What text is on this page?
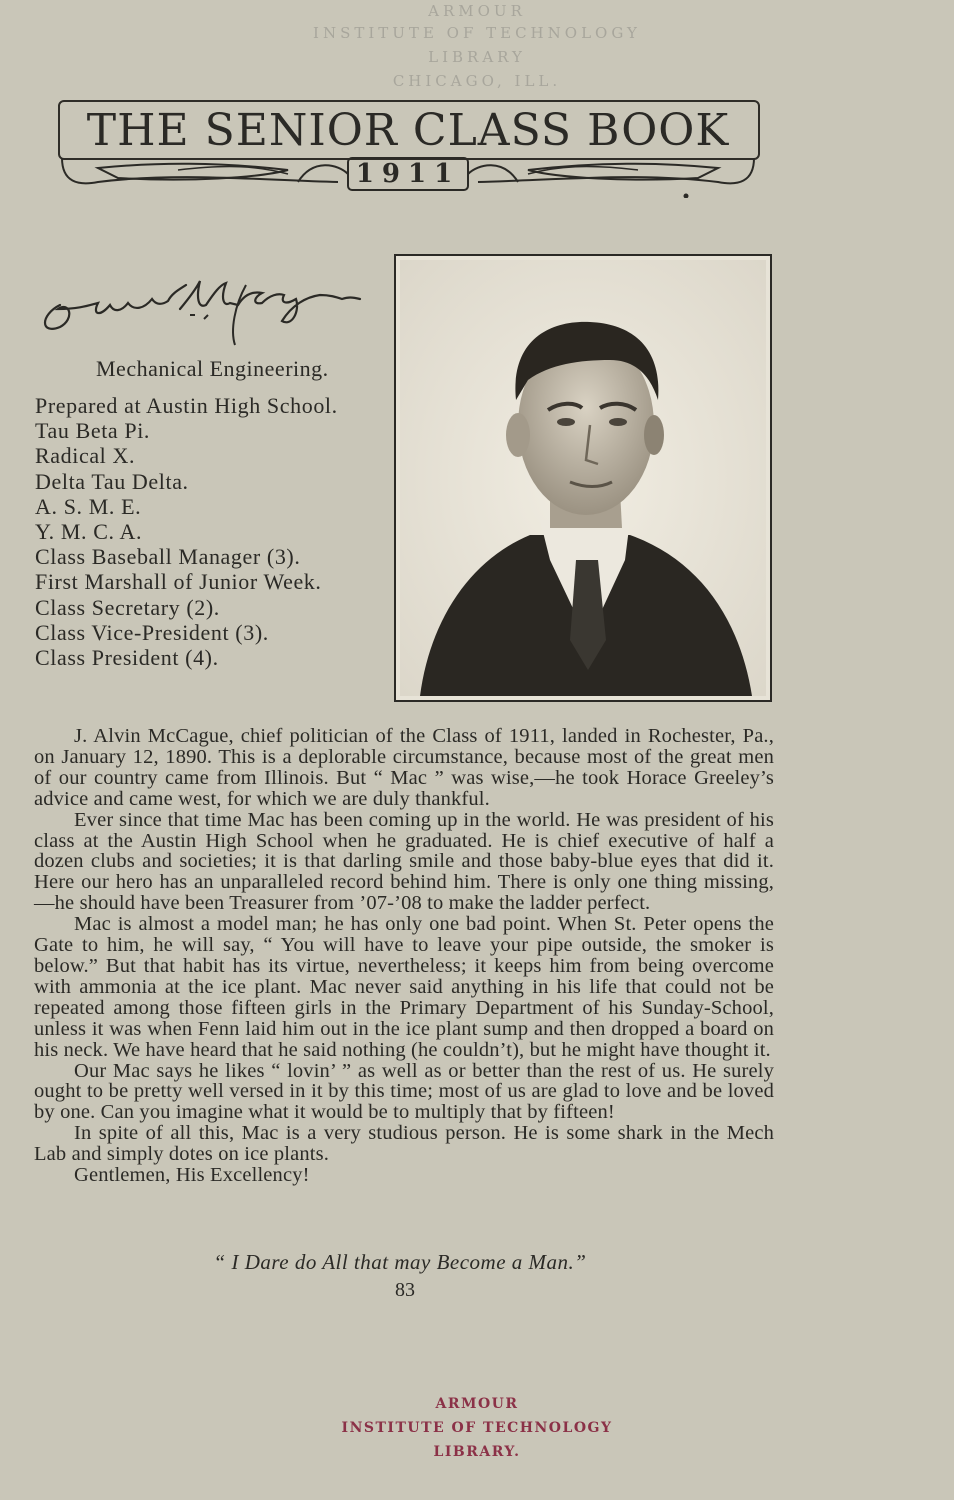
ARMOUR
INSTITUTE OF TECHNOLOGY
LIBRARY
CHICAGO, ILL.
THE SENIOR CLASS BOOK
1911
Mechanical Engineering.
Prepared at Austin High School.
Tau Beta Pi.
Radical X.
Delta Tau Delta.
A. S. M. E.
Y. M. C. A.
Class Baseball Manager (3).
First Marshall of Junior Week.
Class Secretary (2).
Class Vice-President (3).
Class President (4).

J. Alvin McCague, chief politician of the Class of 1911, landed in Rochester, Pa., on January 12, 1890. This is a deplorable circumstance, because most of the great men of our country came from Illinois. But “ Mac ” was wise,—he took Horace Greeley’s advice and came west, for which we are duly thankful.

Ever since that time Mac has been coming up in the world. He was president of his class at the Austin High School when he graduated. He is chief executive of half a dozen clubs and societies; it is that darling smile and those baby-blue eyes that did it. Here our hero has an unparalleled record behind him. There is only one thing missing,—he should have been Treasurer from ’07-’08 to make the ladder perfect.

Mac is almost a model man; he has only one bad point. When St. Peter opens the Gate to him, he will say, “ You will have to leave your pipe outside, the smoker is below.” But that habit has its virtue, nevertheless; it keeps him from being overcome with ammonia at the ice plant. Mac never said anything in his life that could not be repeated among those fifteen girls in the Primary Department of his Sunday-School, unless it was when Fenn laid him out in the ice plant sump and then dropped a board on his neck. We have heard that he said nothing (he couldn’t), but he might have thought it.

Our Mac says he likes “ lovin’ ” as well as or better than the rest of us. He surely ought to be pretty well versed in it by this time; most of us are glad to love and be loved by one. Can you imagine what it would be to multiply that by fifteen!

In spite of all this, Mac is a very studious person. He is some shark in the Mech Lab and simply dotes on ice plants.

Gentlemen, His Excellency!

“ I Dare do All that may Become a Man.”
83
ARMOUR
INSTITUTE OF TECHNOLOGY
LIBRARY.
